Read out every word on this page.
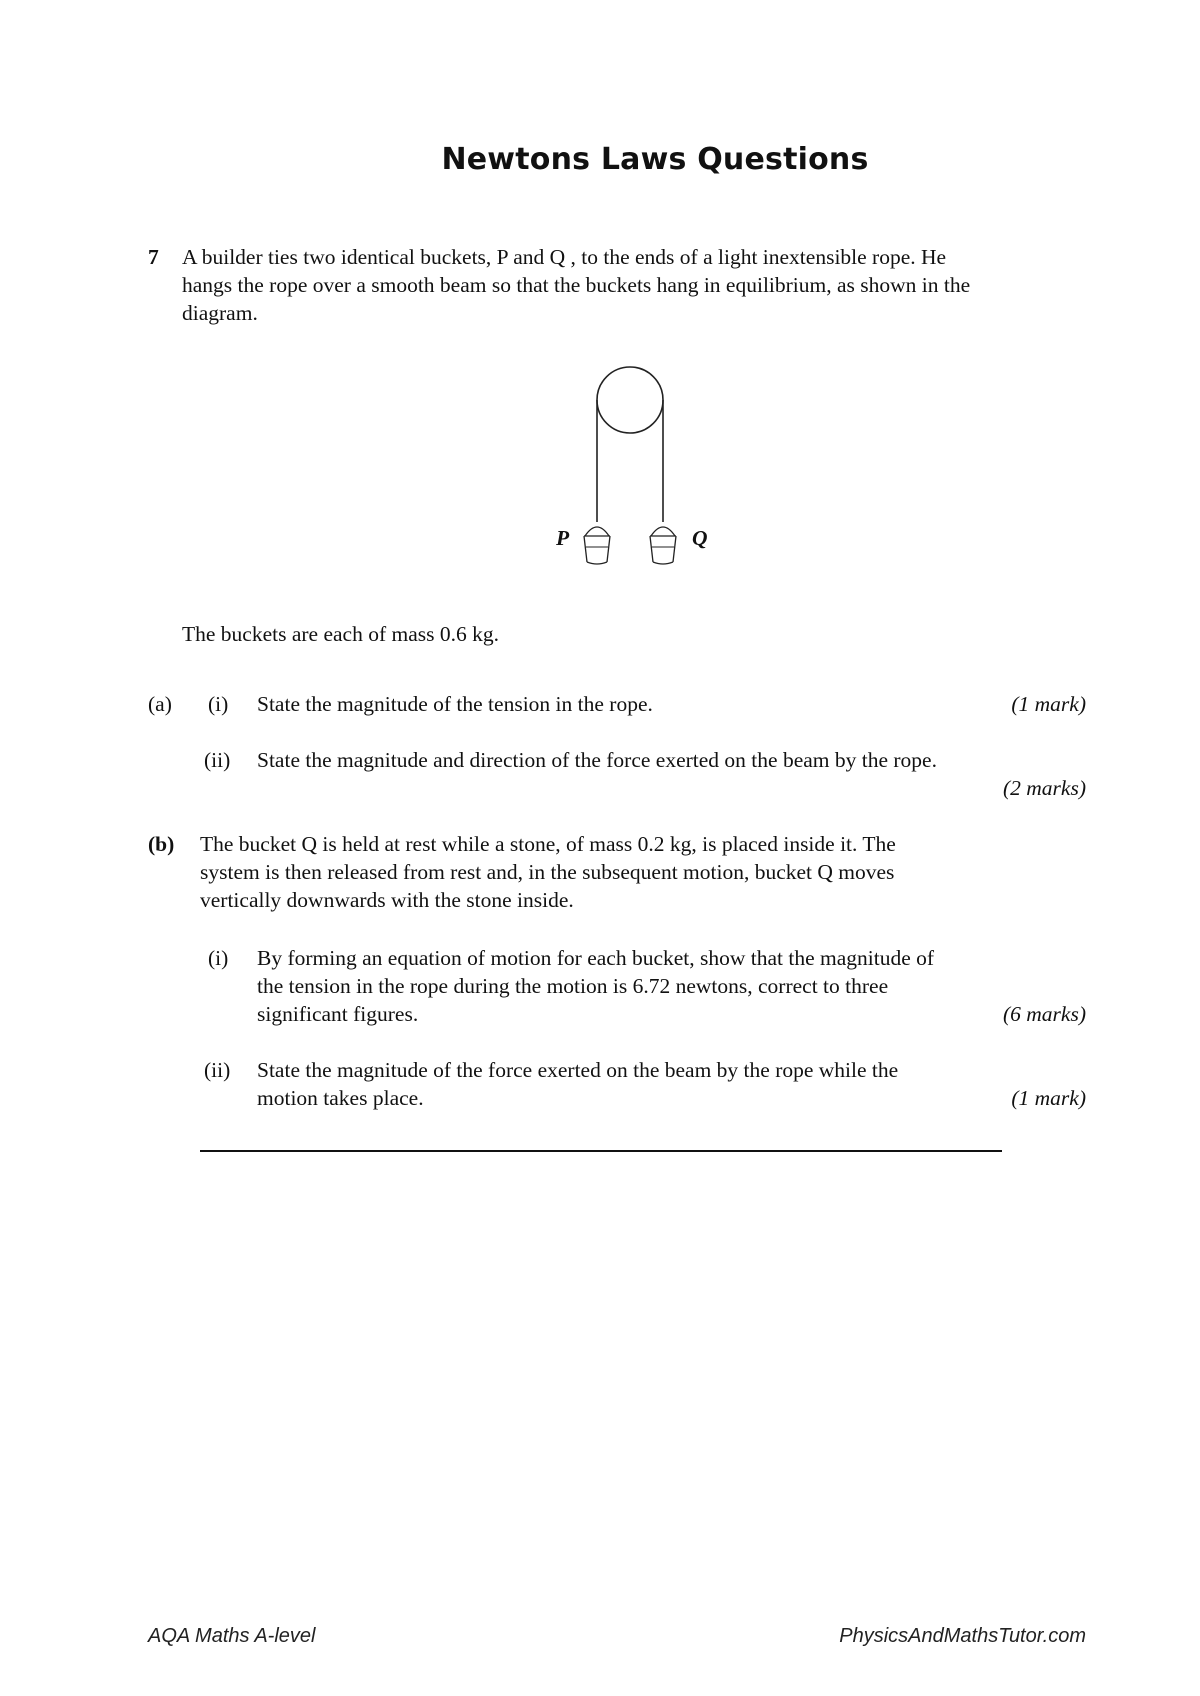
Newtons Laws Questions
7 A builder ties two identical buckets, P and Q , to the ends of a light inextensible rope. He
hangs the rope over a smooth beam so that the buckets hang in equilibrium, as shown in the
diagram.
P	Q
The buckets are each of mass 0.6 kg.
(a) (i) State the magnitude of the tension in the rope.	(1 mark)
(ii) State the magnitude and direction of the force exerted on the beam by the rope.
(2 marks)
(b) The bucket Q is held at rest while a stone, of mass 0.2 kg, is placed inside it. The
system is then released from rest and, in the subsequent motion, bucket Q moves
vertically downwards with the stone inside.
(i) By forming an equation of motion for each bucket, show that the magnitude of
the tension in the rope during the motion is 6.72 newtons, correct to three
significant figures.	(6 marks)
(ii) State the magnitude of the force exerted on the beam by the rope while the
motion takes place.	(1 mark)
AQA Maths A-level	PhysicsAndMathsTutor.com
